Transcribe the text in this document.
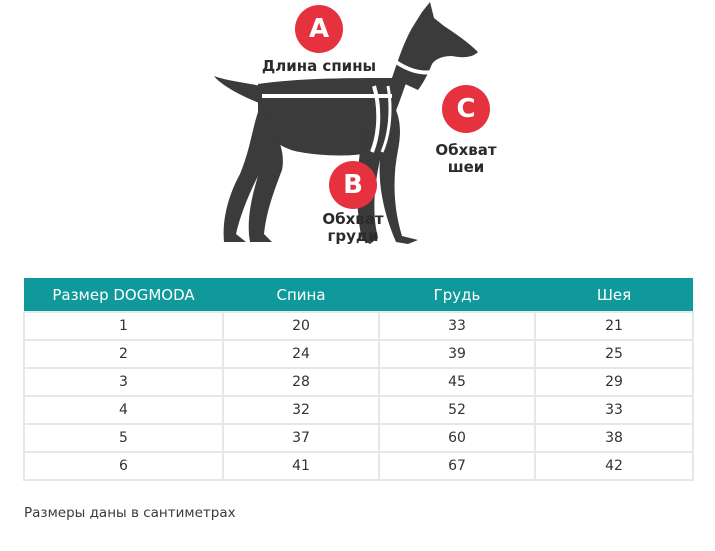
A
Длина спины
B
Обхват
груди
C
Обхват
шеи
Размер DOGMODA	Спина	Грудь	Шея
1	20	33	21
2	24	39	25
3	28	45	29
4	32	52	33
5	37	60	38
6	41	67	42
Размеры даны в сантиметрах
